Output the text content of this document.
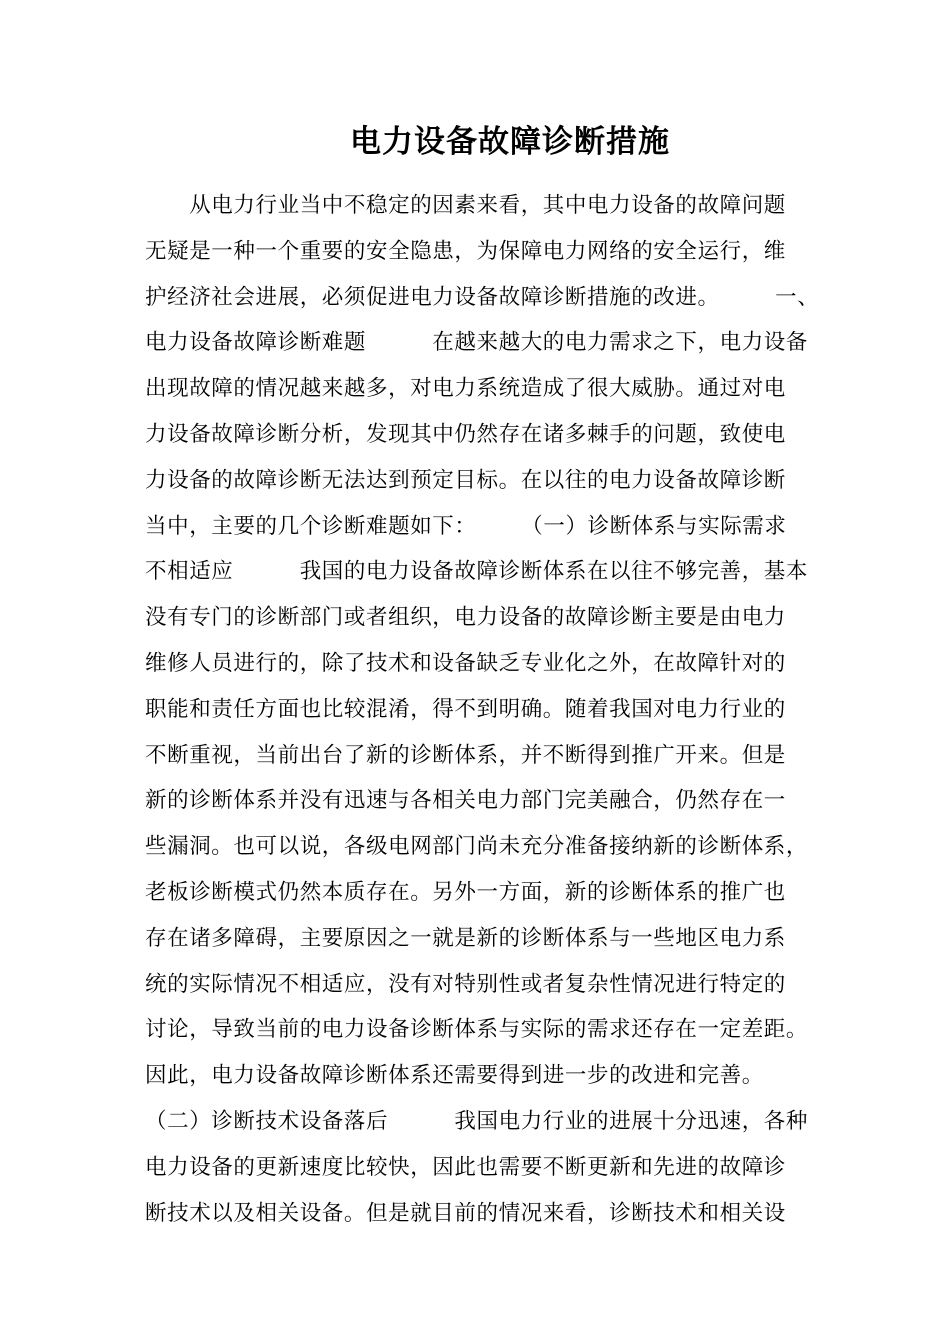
电力设备故障诊断措施
　　从电力行业当中不稳定的因素来看，其中电力设备的故障问题
无疑是一种一个重要的安全隐患，为保障电力网络的安全运行，维
护经济社会进展，必须促进电力设备故障诊断措施的改进。　　　一、
电力设备故障诊断难题　　　在越来越大的电力需求之下，电力设备
出现故障的情况越来越多，对电力系统造成了很大威胁。通过对电
力设备故障诊断分析，发现其中仍然存在诸多棘手的问题，致使电
力设备的故障诊断无法达到预定目标。在以往的电力设备故障诊断
当中，主要的几个诊断难题如下：　　　（一）诊断体系与实际需求
不相适应　　　我国的电力设备故障诊断体系在以往不够完善，基本
没有专门的诊断部门或者组织，电力设备的故障诊断主要是由电力
维修人员进行的，除了技术和设备缺乏专业化之外，在故障针对的
职能和责任方面也比较混淆，得不到明确。随着我国对电力行业的
不断重视，当前出台了新的诊断体系，并不断得到推广开来。但是
新的诊断体系并没有迅速与各相关电力部门完美融合，仍然存在一
些漏洞。也可以说，各级电网部门尚未充分准备接纳新的诊断体系，
老板诊断模式仍然本质存在。另外一方面，新的诊断体系的推广也
存在诸多障碍，主要原因之一就是新的诊断体系与一些地区电力系
统的实际情况不相适应，没有对特别性或者复杂性情况进行特定的
讨论，导致当前的电力设备诊断体系与实际的需求还存在一定差距。
因此，电力设备故障诊断体系还需要得到进一步的改进和完善。
（二）诊断技术设备落后　　　我国电力行业的进展十分迅速，各种
电力设备的更新速度比较快，因此也需要不断更新和先进的故障诊
断技术以及相关设备。但是就目前的情况来看，诊断技术和相关设
